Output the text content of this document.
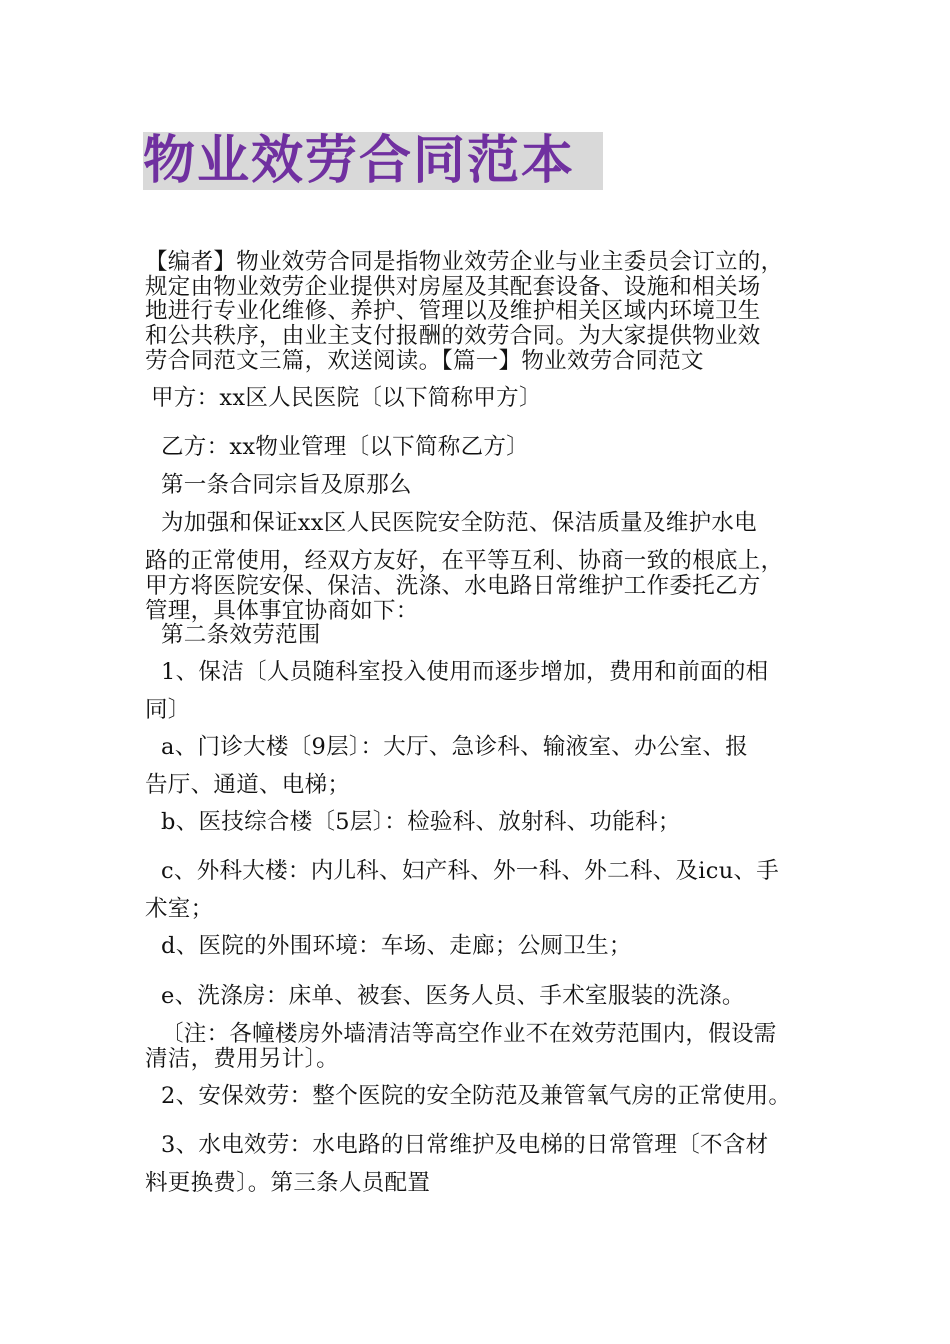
物业效劳合同范本
【编者】物业效劳合同是指物业效劳企业与业主委员会订立的，
规定由物业效劳企业提供对房屋及其配套设备、设施和相关场
地进行专业化维修、养护、管理以及维护相关区域内环境卫生
和公共秩序，由业主支付报酬的效劳合同。为大家提供物业效
劳合同范文三篇，欢送阅读。【篇一】物业效劳合同范文
甲方：xx区人民医院〔以下简称甲方〕
乙方：xx物业管理〔以下简称乙方〕
第一条合同宗旨及原那么
为加强和保证xx区人民医院安全防范、保洁质量及维护水电
路的正常使用，经双方友好，在平等互利、协商一致的根底上，
甲方将医院安保、保洁、洗涤、水电路日常维护工作委托乙方
管理，具体事宜协商如下：
第二条效劳范围
1、保洁〔人员随科室投入使用而逐步增加，费用和前面的相
同〕
a、门诊大楼〔9层〕：大厅、急诊科、输液室、办公室、报
告厅、通道、电梯；
b、医技综合楼〔5层〕：检验科、放射科、功能科；
c、外科大楼：内儿科、妇产科、外一科、外二科、及icu、手
术室；
d、医院的外围环境：车场、走廊；公厕卫生；
e、洗涤房：床单、被套、医务人员、手术室服装的洗涤。
〔注：各幢楼房外墙清洁等高空作业不在效劳范围内，假设需
清洁，费用另计〕。
2、安保效劳：整个医院的安全防范及兼管氧气房的正常使用。
3、水电效劳：水电路的日常维护及电梯的日常管理〔不含材
料更换费〕。第三条人员配置
